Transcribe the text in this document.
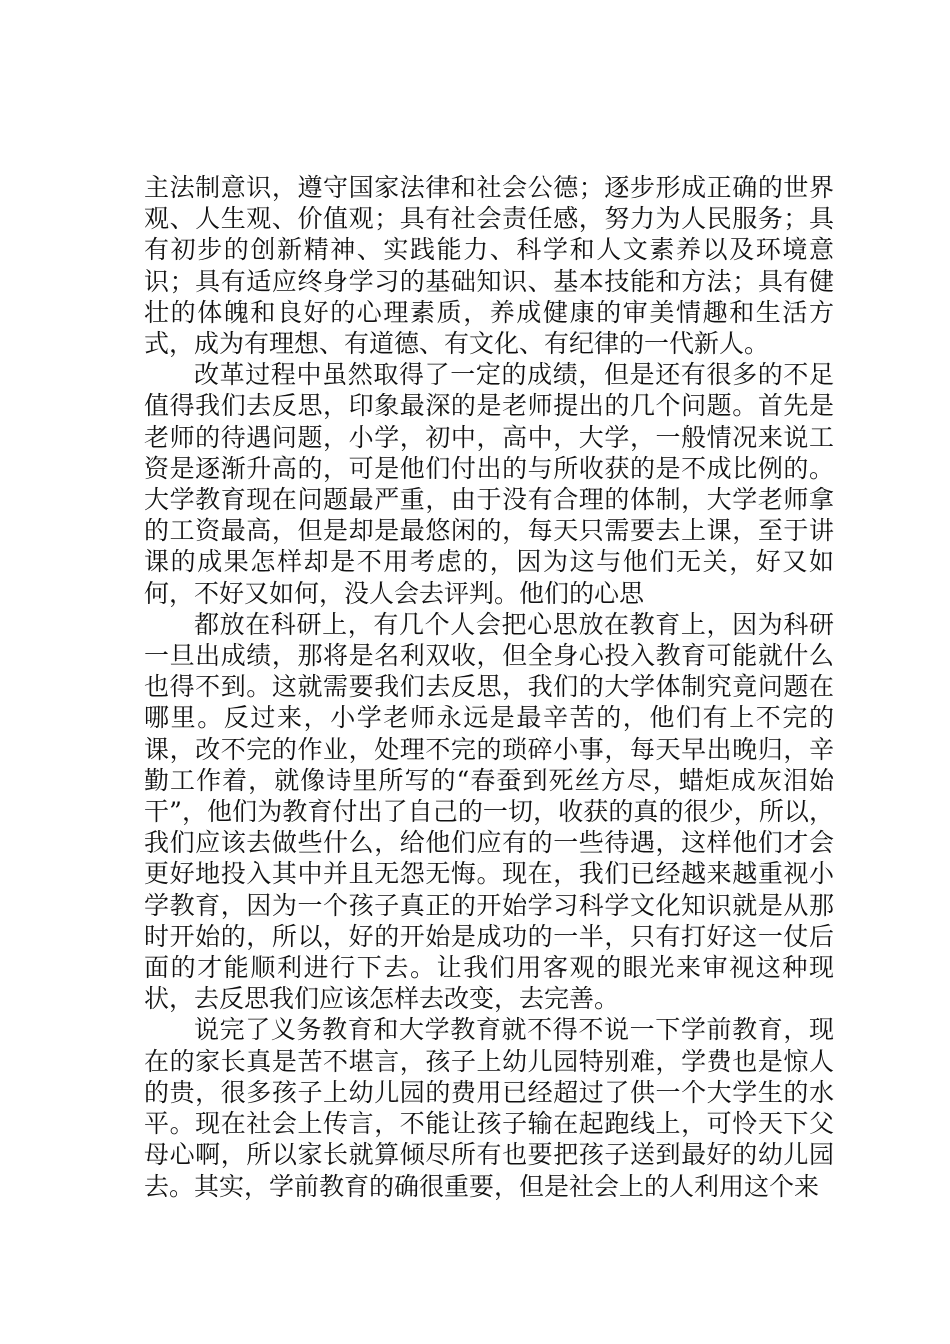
主法制意识，遵守国家法律和社会公德；逐步形成正确的世界观、人生观、价值观；具有社会责任感，努力为人民服务；具有初步的创新精神、实践能力、科学和人文素养以及环境意识；具有适应终身学习的基础知识、基本技能和方法；具有健壮的体魄和良好的心理素质，养成健康的审美情趣和生活方式，成为有理想、有道德、有文化、有纪律的一代新人。

改革过程中虽然取得了一定的成绩，但是还有很多的不足值得我们去反思，印象最深的是老师提出的几个问题。首先是老师的待遇问题，小学，初中，高中，大学，一般情况来说工资是逐渐升高的，可是他们付出的与所收获的是不成比例的。大学教育现在问题最严重，由于没有合理的体制，大学老师拿的工资最高，但是却是最悠闲的，每天只需要去上课，至于讲课的成果怎样却是不用考虑的，因为这与他们无关，好又如何，不好又如何，没人会去评判。他们的心思

都放在科研上，有几个人会把心思放在教育上，因为科研一旦出成绩，那将是名利双收，但全身心投入教育可能就什么也得不到。这就需要我们去反思，我们的大学体制究竟问题在哪里。反过来，小学老师永远是最辛苦的，他们有上不完的课，改不完的作业，处理不完的琐碎小事，每天早出晚归，辛勤工作着，就像诗里所写的“春蚕到死丝方尽，蜡炬成灰泪始干”，他们为教育付出了自己的一切，收获的真的很少，所以，我们应该去做些什么，给他们应有的一些待遇，这样他们才会更好地投入其中并且无怨无悔。现在，我们已经越来越重视小学教育，因为一个孩子真正的开始学习科学文化知识就是从那时开始的，所以，好的开始是成功的一半，只有打好这一仗后面的才能顺利进行下去。让我们用客观的眼光来审视这种现状，去反思我们应该怎样去改变，去完善。

说完了义务教育和大学教育就不得不说一下学前教育，现在的家长真是苦不堪言，孩子上幼儿园特别难，学费也是惊人的贵，很多孩子上幼儿园的费用已经超过了供一个大学生的水平。现在社会上传言，不能让孩子输在起跑线上，可怜天下父母心啊，所以家长就算倾尽所有也要把孩子送到最好的幼儿园去。其实，学前教育的确很重要，但是社会上的人利用这个来
